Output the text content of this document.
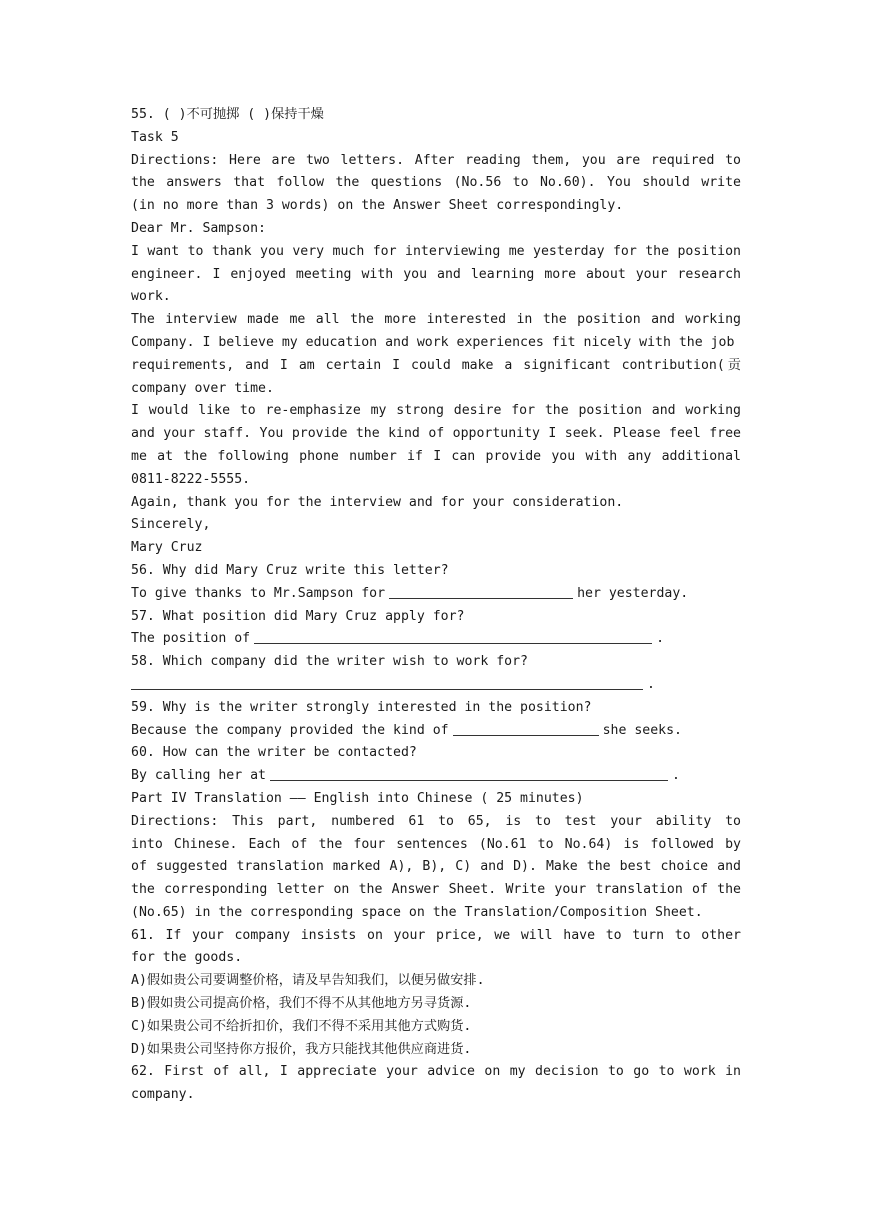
55. ( )不可抛掷 ( )保持干燥
Task 5
Directions: Here are two letters. After reading them, you are required to
the answers that follow the questions (No.56 to No.60). You should write
(in no more than 3 words) on the Answer Sheet correspondingly.
Dear Mr. Sampson:
I want to thank you very much for interviewing me yesterday for the position
engineer. I enjoyed meeting with you and learning more about your research
work.
The interview made me all the more interested in the position and working
Company. I believe my education and work experiences fit nicely with the job
requirements, and I am certain I could make a significant contribution(贡
company over time.
I would like to re-emphasize my strong desire for the position and working
and your staff. You provide the kind of opportunity I seek. Please feel free
me at the following phone number if I can provide you with any additional
0811-8222-5555.
Again, thank you for the interview and for your consideration.
Sincerely,
Mary Cruz
56. Why did Mary Cruz write this letter?
To give thanks to Mr.Sampson for	her yesterday.
57. What position did Mary Cruz apply for?
The position of	.
58. Which company did the writer wish to work for?
.
59. Why is the writer strongly interested in the position?
Because the company provided the kind of	she seeks.
60. How can the writer be contacted?
By calling her at	.
Part IV Translation —— English into Chinese ( 25 minutes)
Directions: This part, numbered 61 to 65, is to test your ability to
into Chinese. Each of the four sentences (No.61 to No.64) is followed by
of suggested translation marked A), B), C) and D). Make the best choice and
the corresponding letter on the Answer Sheet. Write your translation of the
(No.65) in the corresponding space on the Translation/Composition Sheet.
61. If your company insists on your price, we will have to turn to other
for the goods.
A)假如贵公司要调整价格，请及早告知我们，以便另做安排.
B)假如贵公司提高价格，我们不得不从其他地方另寻货源.
C)如果贵公司不给折扣价，我们不得不采用其他方式购货.
D)如果贵公司坚持你方报价，我方只能找其他供应商进货.
62. First of all, I appreciate your advice on my decision to go to work in
company.
